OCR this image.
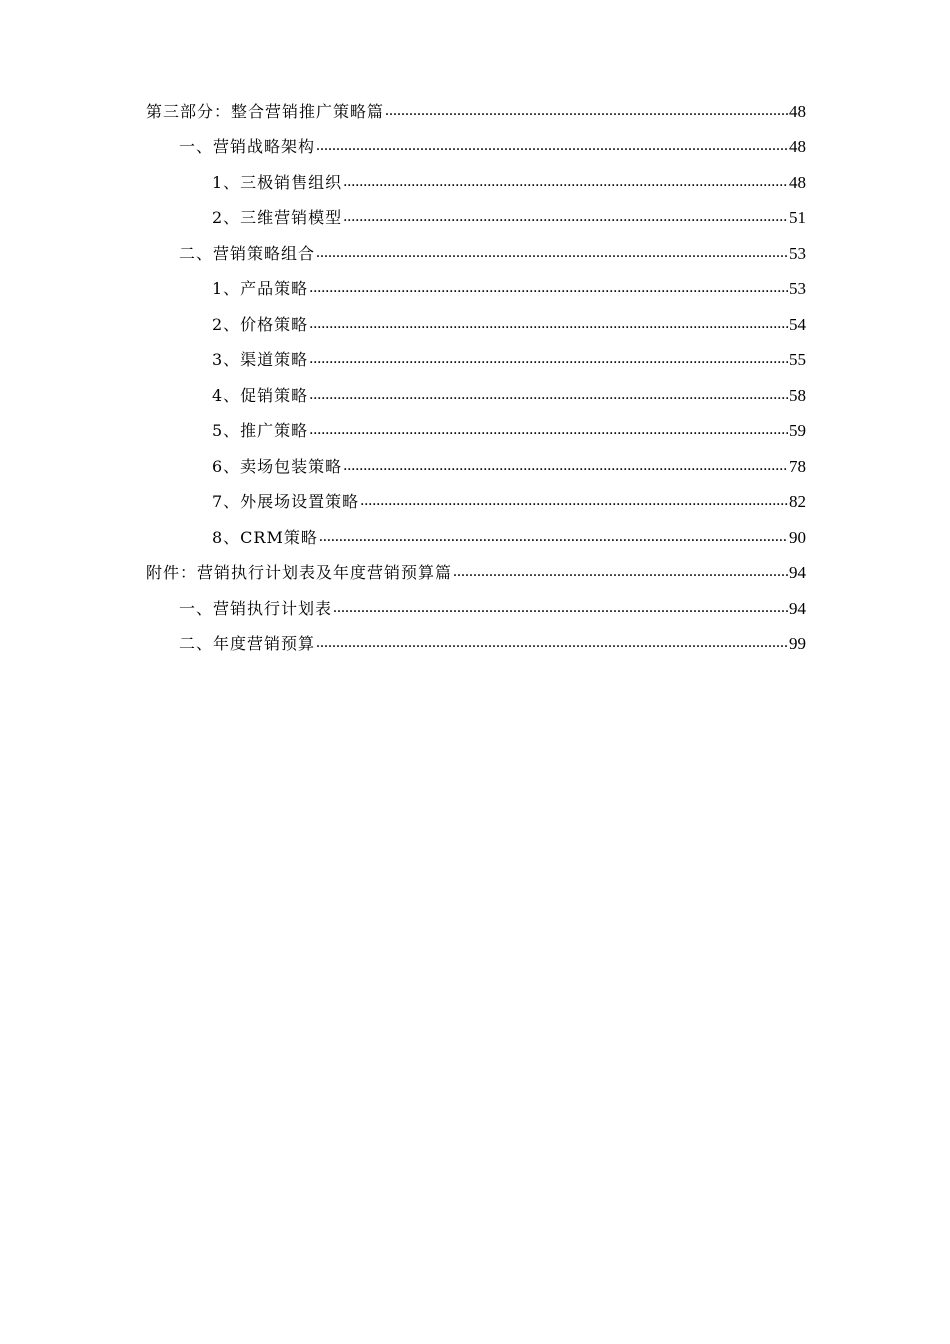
第三部分：整合营销推广策略篇 .....	48
一、营销战略架构 .....	48
1、三极销售组织 .....	48
2、三维营销模型 .....	51
二、营销策略组合 .....	53
1、产品策略 .....	53
2、价格策略 .....	54
3、渠道策略 .....	55
4、促销策略 .....	58
5、推广策略 .....	59
6、卖场包装策略 .....	78
7、外展场设置策略 .....	82
8、CRM策略 .....	90
附件：营销执行计划表及年度营销预算篇 .....	94
一、营销执行计划表 .....	94
二、年度营销预算 .....	99
